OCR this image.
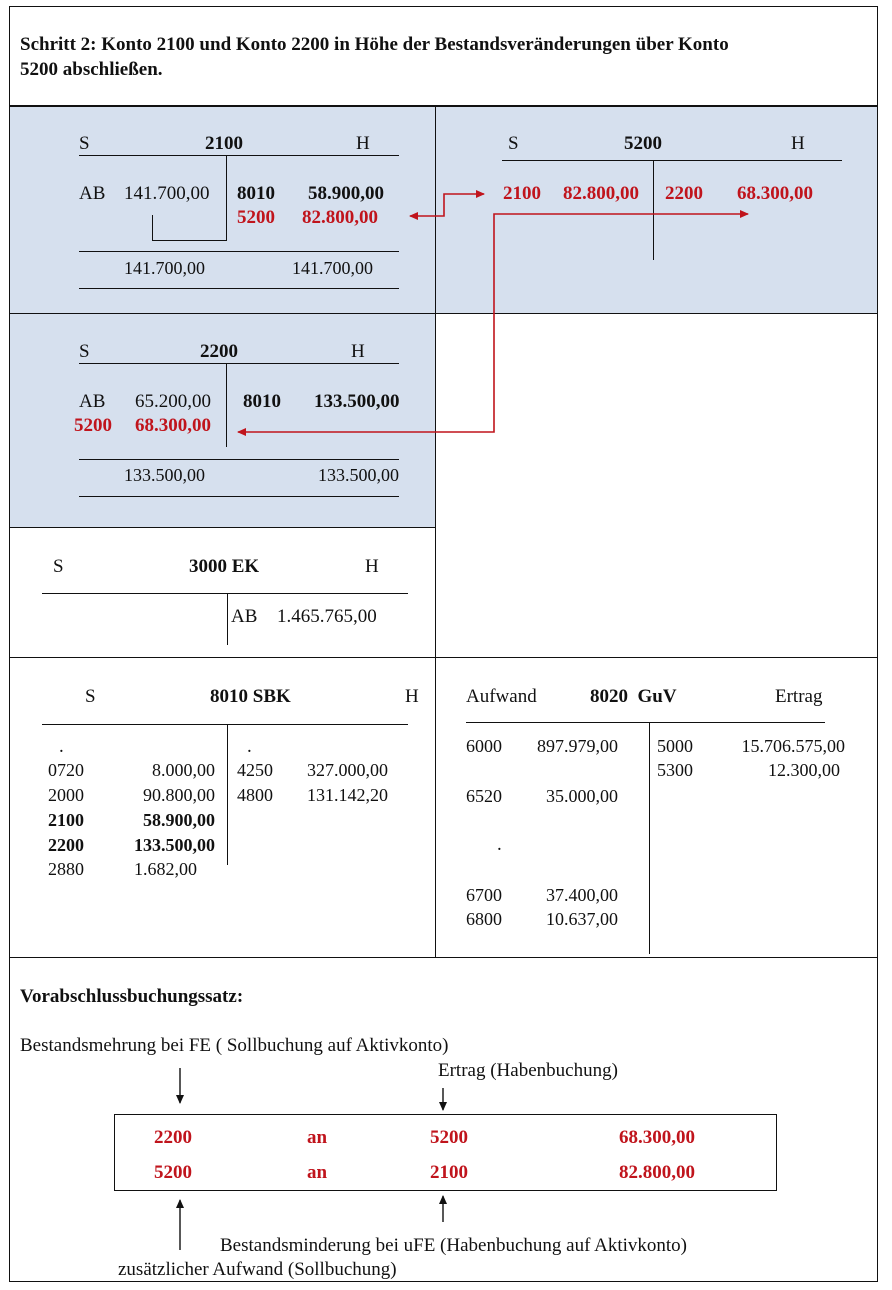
Schritt 2: Konto 2100 und Konto 2200 in Höhe der Bestandsveränderungen über Konto
5200 abschließen.
S	2100	H
AB 141.700,00 8010 58.900,00
5200 82.800,00
141.700,00	141.700,00
S	5200	H
2100 82.800,00 2200 68.300,00
S	2200	H
AB 65.200,00 8010 133.500,00
5200 68.300,00
133.500,00	133.500,00
S	3000 EK	H
AB 1.465.765,00
S	8010 SBK	H
.	.
0720	8.000,00
2000	90.800,00
2100	58.900,00
2200	133.500,00
2880	1.682,00
4250 327.000,00
4800 131.142,20
Aufwand	8020  GuV	Ertrag
6000 897.979,00
6520 35.000,00
.
6700 37.400,00
6800 10.637,00
5000	15.706.575,00
5300	12.300,00
Vorabschlussbuchungssatz:
Bestandsmehrung bei FE ( Sollbuchung auf Aktivkonto)
Ertrag (Habenbuchung)
2200	an	5200	68.300,00
5200	an	2100	82.800,00
Bestandsminderung bei uFE (Habenbuchung auf Aktivkonto)
zusätzlicher Aufwand (Sollbuchung)
